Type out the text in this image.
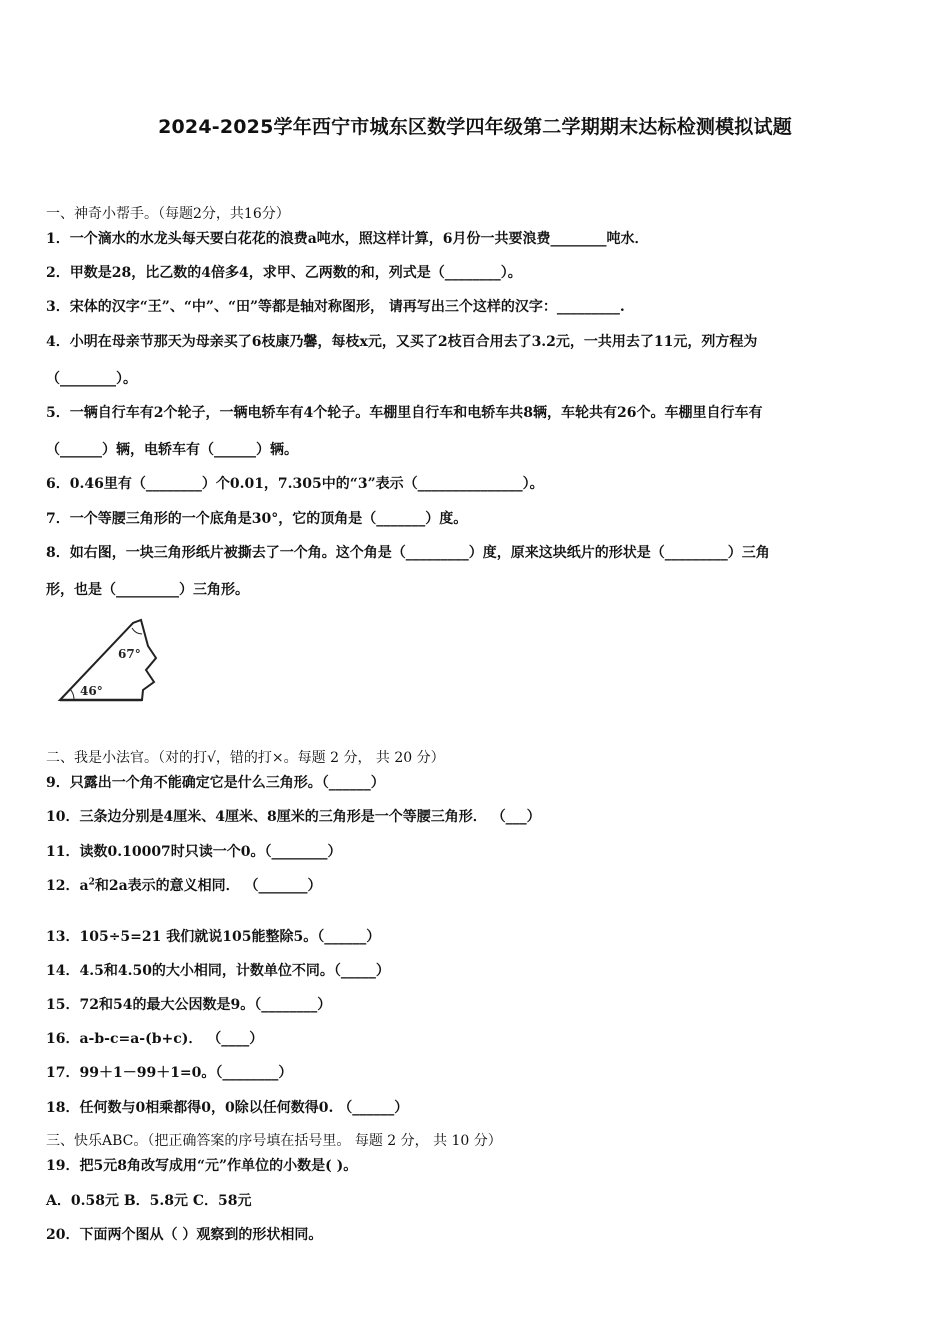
2024-2025学年西宁市城东区数学四年级第二学期期末达标检测模拟试题
一、神奇小帮手。（每题2分，共16分）
1．一个滴水的水龙头每天要白花花的浪费a吨水，照这样计算，6月份一共要浪费________吨水．
2．甲数是28，比乙数的4倍多4，求甲、乙两数的和，列式是（________）。
3．宋体的汉字“王”、“中”、“田”等都是轴对称图形， 请再写出三个这样的汉字：_________.
4．小明在母亲节那天为母亲买了6枝康乃馨，每枝x元，又买了2枝百合用去了3.2元，一共用去了11元，列方程为
（________）。
5．一辆自行车有2个轮子，一辆电轿车有4个轮子。车棚里自行车和电轿车共8辆，车轮共有26个。车棚里自行车有
（______）辆，电轿车有（______）辆。
6．0.46里有（________）个0.01，7.305中的“3”表示（_______________）。
7．一个等腰三角形的一个底角是30°，它的顶角是（_______）度。
8．如右图，一块三角形纸片被撕去了一个角。这个角是（_________）度，原来这块纸片的形状是（_________）三角
形，也是（_________）三角形。
67°
46°
二、我是小法官。（对的打√，错的打×。每题 2 分， 共 20 分）
9．只露出一个角不能确定它是什么三角形。（______）
10．三条边分别是4厘米、4厘米、8厘米的三角形是一个等腰三角形． （___）
11．读数0.10007时只读一个0。（________）
12．$a^2$和2a表示的意义相同． （_______）
13．105÷5=21 我们就说105能整除5。（______）
14．4.5和4.50的大小相同，计数单位不同。（_____）
15．72和54的最大公因数是9。（________）
16．a-b-c=a-(b+c)． （____）
17．99＋1－99＋1=0。（________）
18．任何数与0相乘都得0，0除以任何数得0. （______）
三、快乐ABC。（把正确答案的序号填在括号里。 每题 2 分， 共 10 分）
19．把5元8角改写成用“元”作单位的小数是( )。
A．0.58元 B．5.8元 C．58元
20．下面两个图从（ ）观察到的形状相同。
